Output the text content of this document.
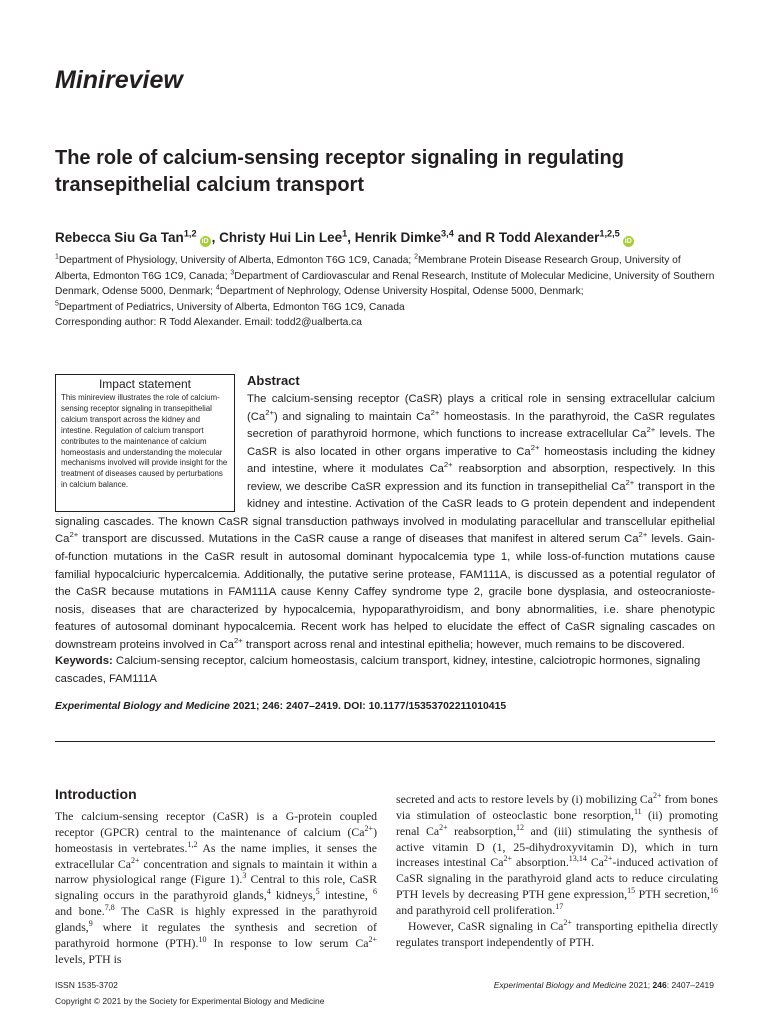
Minireview
The role of calcium-sensing receptor signaling in regulating transepithelial calcium transport
Rebecca Siu Ga Tan$^{1,2}$iD , Christy Hui Lin Lee$^1$, Henrik Dimke$^{3,4}$ and R Todd Alexander$^{1,2,5}$iD
$^1$Department of Physiology, University of Alberta, Edmonton T6G 1C9, Canada; $^2$Membrane Protein Disease Research Group, University of Alberta, Edmonton T6G 1C9, Canada; $^3$Department of Cardiovascular and Renal Research, Institute of Molecular Medicine, University of Southern Denmark, Odense 5000, Denmark; $^4$Department of Nephrology, Odense University Hospital, Odense 5000, Denmark;
$^5$Department of Pediatrics, University of Alberta, Edmonton T6G 1C9, Canada
Corresponding author: R Todd Alexander. Email: todd2@ualberta.ca
Impact statement
This minireview illustrates the role of calcium-sensing receptor signaling in transepithelial calcium transport across the kidney and intestine. Regulation of calcium transport contributes to the maintenance of calcium homeostasis and understanding the molecular mechanisms involved will provide insight for the treatment of diseases caused by perturbations in calcium balance.
Abstract
The calcium-sensing receptor (CaSR) plays a critical role in sensing extracellular calcium
$(Ca^{2+})$ and signaling to maintain $Ca^{2+}$ homeostasis. In the parathyroid, the CaSR regulates
secretion of parathyroid hormone, which functions to increase extracellular $Ca^{2+}$ levels. The
CaSR is also located in other organs imperative to $Ca^{2+}$ homeostasis including the kidney
and intestine, where it modulates $Ca^{2+}$ reabsorption and absorption, respectively. In this
review, we describe CaSR expression and its function in transepithelial $Ca^{2+}$ transport in the
kidney and intestine. Activation of the CaSR leads to G protein dependent and independent
signaling cascades. The known CaSR signal transduction pathways involved in modulating paracellular and transcellular epithelial
$Ca^{2+}$ transport are discussed. Mutations in the CaSR cause a range of diseases that manifest in altered serum $Ca^{2+}$ levels. Gain-
of-function mutations in the CaSR result in autosomal dominant hypocalcemia type 1, while loss-of-function mutations cause
familial hypocalciuric hypercalcemia. Additionally, the putative serine protease, FAM111A, is discussed as a potential regulator of
the CaSR because mutations in FAM111A cause Kenny Caffey syndrome type 2, gracile bone dysplasia, and osteocranioste-
nosis, diseases that are characterized by hypocalcemia, hypoparathyroidism, and bony abnormalities, i.e. share phenotypic
features of autosomal dominant hypocalcemia. Recent work has helped to elucidate the effect of CaSR signaling cascades on
downstream proteins involved in $Ca^{2+}$ transport across renal and intestinal epithelia; however, much remains to be discovered.
Keywords: Calcium-sensing receptor, calcium homeostasis, calcium transport, kidney, intestine, calciotropic hormones, signaling cascades, FAM111A
Experimental Biology and Medicine 2021; 246: 2407–2419. DOI: 10.1177/15353702211010415
Introduction

The calcium-sensing receptor (CaSR) is a G-protein coupled receptor (GPCR) central to the maintenance of calcium $(Ca^{2+})$ homeostasis in vertebrates.$^{1,2}$ As the name implies, it senses the extracellular $Ca^{2+}$ concentration and signals to maintain it within a narrow physiological range (Figure 1).$^3$ Central to this role, CaSR signaling occurs in the parathyroid glands,$^4$ kidneys,$^5$ intestine, $^6$ and bone.$^{7,8}$ The CaSR is highly expressed in the parathyroid glands,$^9$ where it regulates the synthesis and secretion of parathyroid hormone (PTH).$^{10}$ In response to low serum $Ca^{2+}$ levels, PTH is

secreted and acts to restore levels by (i) mobilizing $Ca^{2+}$ from bones via stimulation of osteoclastic bone resorption,$^{11}$ (ii) promoting renal $Ca^{2+}$ reabsorption,$^{12}$ and (iii) stimulating the synthesis of active vitamin D (1, 25-dihydroxyvitamin D), which in turn increases intestinal $Ca^{2+}$ absorption.$^{13,14}$ $Ca^{2+}$-induced activation of CaSR signaling in the parathyroid gland acts to reduce circulating PTH levels by decreasing PTH gene expression,$^{15}$ PTH secretion,$^{16}$ and parathyroid cell proliferation.$^{17}$

However, CaSR signaling in $Ca^{2+}$ transporting epithelia directly regulates transport independently of PTH.

ISSN 1535-3702
Copyright © 2021 by the Society for Experimental Biology and Medicine
Experimental Biology and Medicine 2021; 246: 2407–2419
